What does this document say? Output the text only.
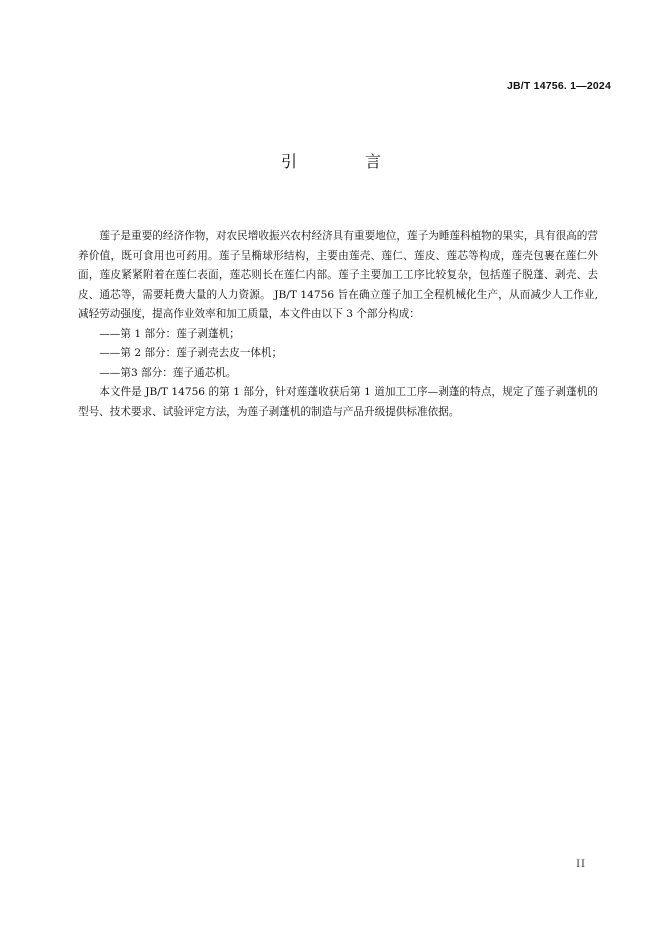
JB/T 14756. 1—2024
引　言

莲子是重要的经济作物，对农民增收振兴农村经济具有重要地位，莲子为睡莲科植物的果实，具有很高的营养价值，既可食用也可药用。莲子呈椭球形结构，主要由莲壳、莲仁、莲皮、莲芯等构成，莲壳包裹在莲仁外面，莲皮紧紧附着在莲仁表面，莲芯则长在莲仁内部。莲子主要加工工序比较复杂，包括莲子脱蓬、剥壳、去皮、通芯等，需要耗费大量的人力资源。 JB/T 14756 旨在确立莲子加工全程机械化生产，从而减少人工作业,减轻劳动强度，提高作业效率和加工质量，本文件由以下 3 个部分构成：

——第 1 部分：莲子剥蓬机；

——第 2 部分：莲子剥壳去皮一体机；

——第3 部分：莲子通芯机。

本文件是 JB/T 14756 的第 1 部分，针对莲蓬收获后第 1 道加工工序—剥蓬的特点，规定了莲子剥蓬机的型号、技术要求、试验评定方法，为莲子剥蓬机的制造与产品升级提供标准依据。

II
